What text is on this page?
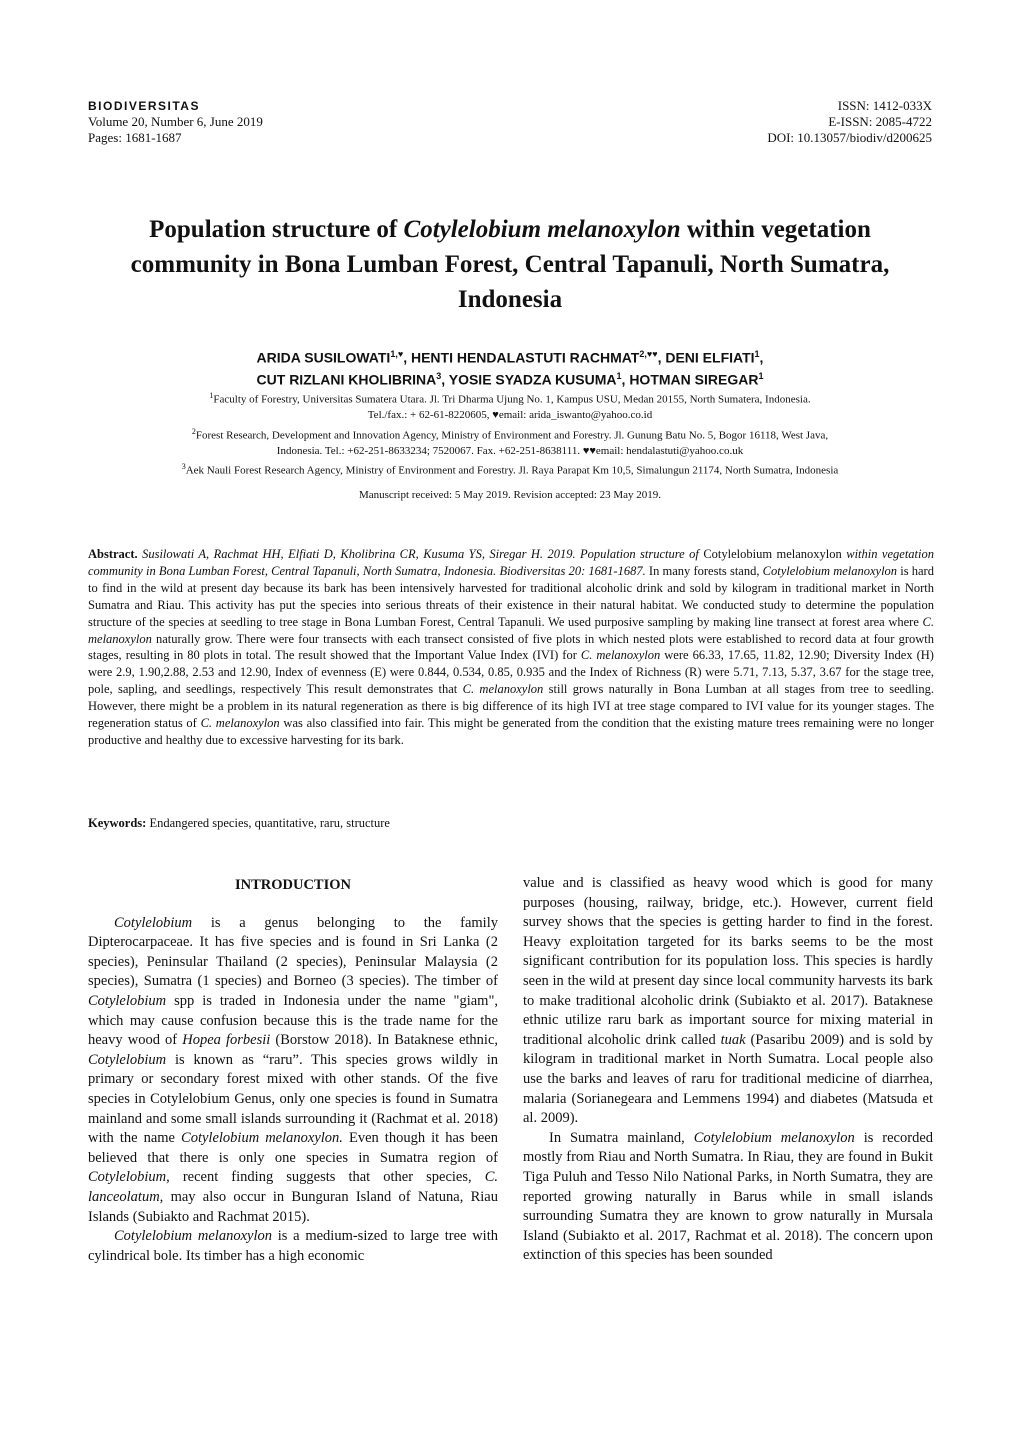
BIODIVERSITAS
Volume 20, Number 6, June 2019
Pages: 1681-1687
ISSN: 1412-033X
E-ISSN: 2085-4722
DOI: 10.13057/biodiv/d200625
Population structure of Cotylelobium melanoxylon within vegetation community in Bona Lumban Forest, Central Tapanuli, North Sumatra, Indonesia
ARIDA $SUSILOWATI^{1,♥}$, HENTI HENDALASTUTI $RACHMAT^{2,♥♥}$, DENI ELFIATI$^1$,
CUT RIZLANI KHOLIBRINA$^3$, YOSIE SYADZA KUSUMA$^1$, HOTMAN SIREGAR$^1$
$^1$Faculty of Forestry, Universitas Sumatera Utara. Jl. Tri Dharma Ujung No. 1, Kampus USU, Medan 20155, North Sumatera, Indonesia.
Tel./fax.: + 62-61-8220605, ♥email: arida_iswanto@yahoo.co.id
$^2$Forest Research, Development and Innovation Agency, Ministry of Environment and Forestry. Jl. Gunung Batu No. 5, Bogor 16118, West Java,
Indonesia. Tel.: +62-251-8633234; 7520067. Fax. +62-251-8638111. ♥♥email: hendalastuti@yahoo.co.uk
$^3$Aek Nauli Forest Research Agency, Ministry of Environment and Forestry. Jl. Raya Parapat Km 10,5, Simalungun 21174, North Sumatra, Indonesia
Manuscript received: 5 May 2019. Revision accepted: 23 May 2019.
Abstract. Susilowati A, Rachmat HH, Elfiati D, Kholibrina CR, Kusuma YS, Siregar H. 2019. Population structure of Cotylelobium melanoxylon within vegetation community in Bona Lumban Forest, Central Tapanuli, North Sumatra, Indonesia. Biodiversitas 20: 1681-1687. In many forests stand, Cotylelobium melanoxylon is hard to find in the wild at present day because its bark has been intensively harvested for traditional alcoholic drink and sold by kilogram in traditional market in North Sumatra and Riau. This activity has put the species into serious threats of their existence in their natural habitat. We conducted study to determine the population structure of the species at seedling to tree stage in Bona Lumban Forest, Central Tapanuli. We used purposive sampling by making line transect at forest area where C. melanoxylon naturally grow. There were four transects with each transect consisted of five plots in which nested plots were established to record data at four growth stages, resulting in 80 plots in total. The result showed that the Important Value Index (IVI) for C. melanoxylon were 66.33, 17.65, 11.82, 12.90; Diversity Index (H) were 2.9, 1.90,2.88, 2.53 and 12.90, Index of evenness (E) were 0.844, 0.534, 0.85, 0.935 and the Index of Richness (R) were 5.71, 7.13, 5.37, 3.67 for the stage tree, pole, sapling, and seedlings, respectively This result demonstrates that C. melanoxylon still grows naturally in Bona Lumban at all stages from tree to seedling. However, there might be a problem in its natural regeneration as there is big difference of its high IVI at tree stage compared to IVI value for its younger stages. The regeneration status of C. melanoxylon was also classified into fair. This might be generated from the condition that the existing mature trees remaining were no longer productive and healthy due to excessive harvesting for its bark.
Keywords: Endangered species, quantitative, raru, structure
INTRODUCTION

Cotylelobium is a genus belonging to the family Dipterocarpaceae. It has five species and is found in Sri Lanka (2 species), Peninsular Thailand (2 species), Peninsular Malaysia (2 species), Sumatra (1 species) and Borneo (3 species). The timber of Cotylelobium spp is traded in Indonesia under the name "giam", which may cause confusion because this is the trade name for the heavy wood of Hopea forbesii (Borstow 2018). In Bataknese ethnic, Cotylelobium is known as “raru”. This species grows wildly in primary or secondary forest mixed with other stands. Of the five species in Cotylelobium Genus, only one species is found in Sumatra mainland and some small islands surrounding it (Rachmat et al. 2018) with the name Cotylelobium melanoxylon. Even though it has been believed that there is only one species in Sumatra region of Cotylelobium, recent finding suggests that other species, C. lanceolatum, may also occur in Bunguran Island of Natuna, Riau Islands (Subiakto and Rachmat 2015).

Cotylelobium melanoxylon is a medium-sized to large tree with cylindrical bole. Its timber has a high economic

value and is classified as heavy wood which is good for many purposes (housing, railway, bridge, etc.). However, current field survey shows that the species is getting harder to find in the forest. Heavy exploitation targeted for its barks seems to be the most significant contribution for its population loss. This species is hardly seen in the wild at present day since local community harvests its bark to make traditional alcoholic drink (Subiakto et al. 2017). Bataknese ethnic utilize raru bark as important source for mixing material in traditional alcoholic drink called tuak (Pasaribu 2009) and is sold by kilogram in traditional market in North Sumatra. Local people also use the barks and leaves of raru for traditional medicine of diarrhea, malaria (Sorianegeara and Lemmens 1994) and diabetes (Matsuda et al. 2009).

In Sumatra mainland, Cotylelobium melanoxylon is recorded mostly from Riau and North Sumatra. In Riau, they are found in Bukit Tiga Puluh and Tesso Nilo National Parks, in North Sumatra, they are reported growing naturally in Barus while in small islands surrounding Sumatra they are known to grow naturally in Mursala Island (Subiakto et al. 2017, Rachmat et al. 2018). The concern upon extinction of this species has been sounded
